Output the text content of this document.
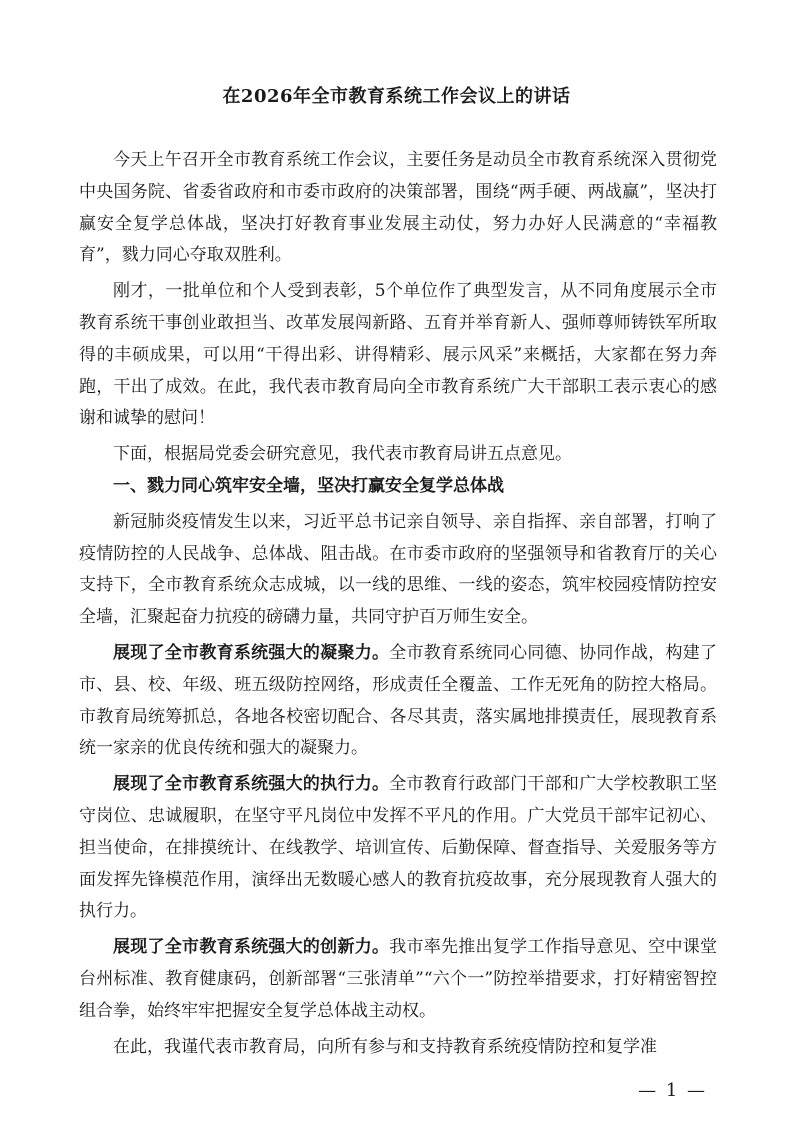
在2026年全市教育系统工作会议上的讲话

今天上午召开全市教育系统工作会议，主要任务是动员全市教育系统深入贯彻党中央国务院、省委省政府和市委市政府的决策部署，围绕“两手硬、两战赢”，坚决打赢安全复学总体战，坚决打好教育事业发展主动仗，努力办好人民满意的“幸福教育”，戮力同心夺取双胜利。

刚才，一批单位和个人受到表彰，5个单位作了典型发言，从不同角度展示全市教育系统干事创业敢担当、改革发展闯新路、五育并举育新人、强师尊师铸铁军所取得的丰硕成果，可以用“干得出彩、讲得精彩、展示风采”来概括，大家都在努力奔跑，干出了成效。在此，我代表市教育局向全市教育系统广大干部职工表示衷心的感谢和诚挚的慰问！

下面，根据局党委会研究意见，我代表市教育局讲五点意见。

一、戮力同心筑牢安全墙，坚决打赢安全复学总体战

新冠肺炎疫情发生以来，习近平总书记亲自领导、亲自指挥、亲自部署，打响了疫情防控的人民战争、总体战、阻击战。在市委市政府的坚强领导和省教育厅的关心支持下，全市教育系统众志成城，以一线的思维、一线的姿态，筑牢校园疫情防控安全墙，汇聚起奋力抗疫的磅礴力量，共同守护百万师生安全。

展现了全市教育系统强大的凝聚力。全市教育系统同心同德、协同作战，构建了市、县、校、年级、班五级防控网络，形成责任全覆盖、工作无死角的防控大格局。市教育局统筹抓总，各地各校密切配合、各尽其责，落实属地排摸责任，展现教育系统一家亲的优良传统和强大的凝聚力。

展现了全市教育系统强大的执行力。全市教育行政部门干部和广大学校教职工坚守岗位、忠诚履职，在坚守平凡岗位中发挥不平凡的作用。广大党员干部牢记初心、担当使命，在排摸统计、在线教学、培训宣传、后勤保障、督查指导、关爱服务等方面发挥先锋模范作用，演绎出无数暖心感人的教育抗疫故事，充分展现教育人强大的执行力。

展现了全市教育系统强大的创新力。我市率先推出复学工作指导意见、空中课堂台州标准、教育健康码，创新部署“三张清单”“六个一”防控举措要求，打好精密智控组合拳，始终牢牢把握安全复学总体战主动权。

在此，我谨代表市教育局，向所有参与和支持教育系统疫情防控和复学准

— 1 —
